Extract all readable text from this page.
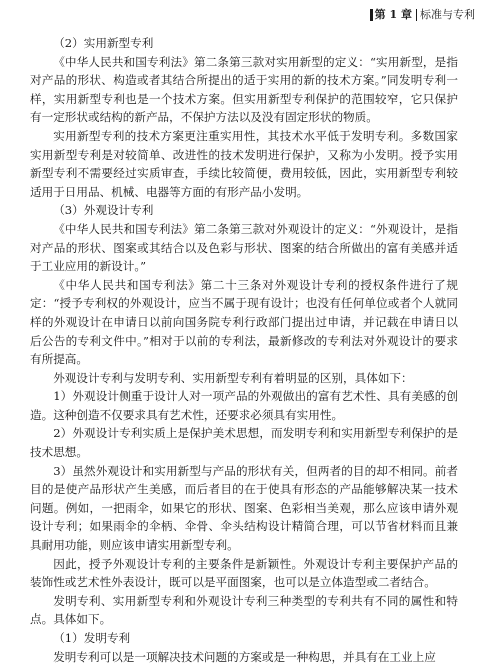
第 1 章 标准与专利

（2）实用新型专利

《中华人民共和国专利法》第二条第三款对实用新型的定义：“实用新型，是指对产品的形状、构造或者其结合所提出的适于实用的新的技术方案。”同发明专利一样，实用新型专利也是一个技术方案。但实用新型专利保护的范围较窄，它只保护有一定形状或结构的新产品，不保护方法以及没有固定形状的物质。

实用新型专利的技术方案更注重实用性，其技术水平低于发明专利。多数国家实用新型专利是对较简单、改进性的技术发明进行保护，又称为小发明。授予实用新型专利不需要经过实质审查，手续比较简便，费用较低，因此，实用新型专利较适用于日用品、机械、电器等方面的有形产品小发明。

（3）外观设计专利

《中华人民共和国专利法》第二条第三款对外观设计的定义：“外观设计，是指对产品的形状、图案或其结合以及色彩与形状、图案的结合所做出的富有美感并适于工业应用的新设计。”

《中华人民共和国专利法》第二十三条对外观设计专利的授权条件进行了规定：“授予专利权的外观设计，应当不属于现有设计；也没有任何单位或者个人就同样的外观设计在申请日以前向国务院专利行政部门提出过申请，并记载在申请日以后公告的专利文件中。”相对于以前的专利法，最新修改的专利法对外观设计的要求有所提高。

外观设计专利与发明专利、实用新型专利有着明显的区别，具体如下：

1）外观设计侧重于设计人对一项产品的外观做出的富有艺术性、具有美感的创造。这种创造不仅要求具有艺术性，还要求必须具有实用性。

2）外观设计专利实质上是保护美术思想，而发明专利和实用新型专利保护的是技术思想。

3）虽然外观设计和实用新型与产品的形状有关，但两者的目的却不相同。前者目的是使产品形状产生美感，而后者目的在于使具有形态的产品能够解决某一技术问题。例如，一把雨伞，如果它的形状、图案、色彩相当美观，那么应该申请外观设计专利；如果雨伞的伞柄、伞骨、伞头结构设计精简合理，可以节省材料而且兼具耐用功能，则应该申请实用新型专利。

因此，授予外观设计专利的主要条件是新颖性。外观设计专利主要保护产品的装饰性或艺术性外表设计，既可以是平面图案，也可以是立体造型或二者结合。

发明专利、实用新型专利和外观设计专利三种类型的专利共有不同的属性和特点。具体如下。

（1）发明专利

发明专利可以是一项解决技术问题的方案或是一种构思，并具有在工业上应
